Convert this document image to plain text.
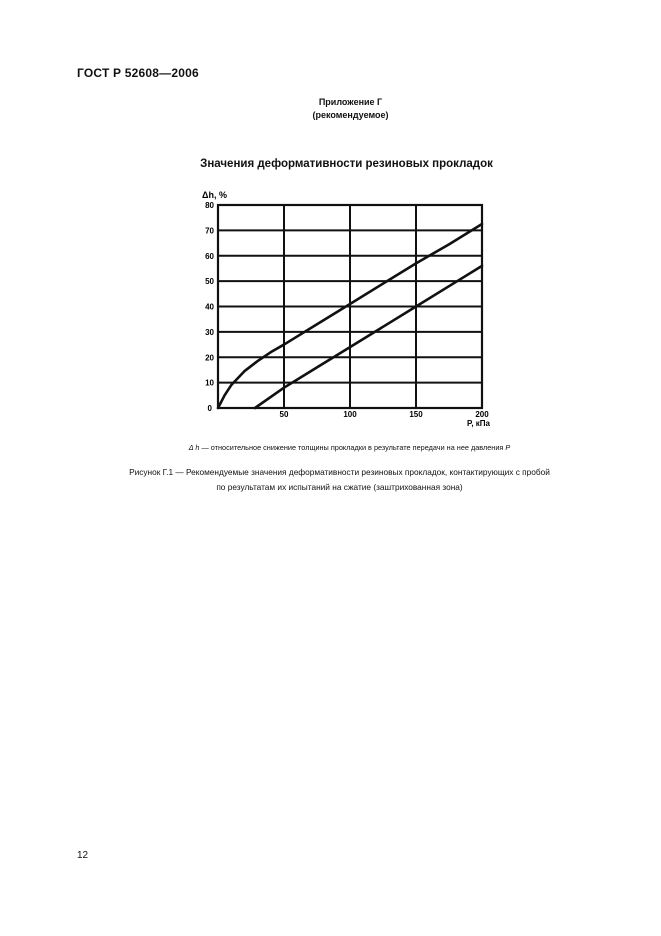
ГОСТ Р 52608—2006
Приложение Г
(рекомендуемое)
Значения деформативности резиновых прокладок
10
20
30
40
50
60
70
80
0
50	100	150	200
Δh, %
P, кПа
Δ h — относительное снижение толщины прокладки в результате передачи на нее давления P
Рисунок Г.1 — Рекомендуемые значения деформативности резиновых прокладок, контактирующих с пробой
по результатам их испытаний на сжатие (заштрихованная зона)
12
